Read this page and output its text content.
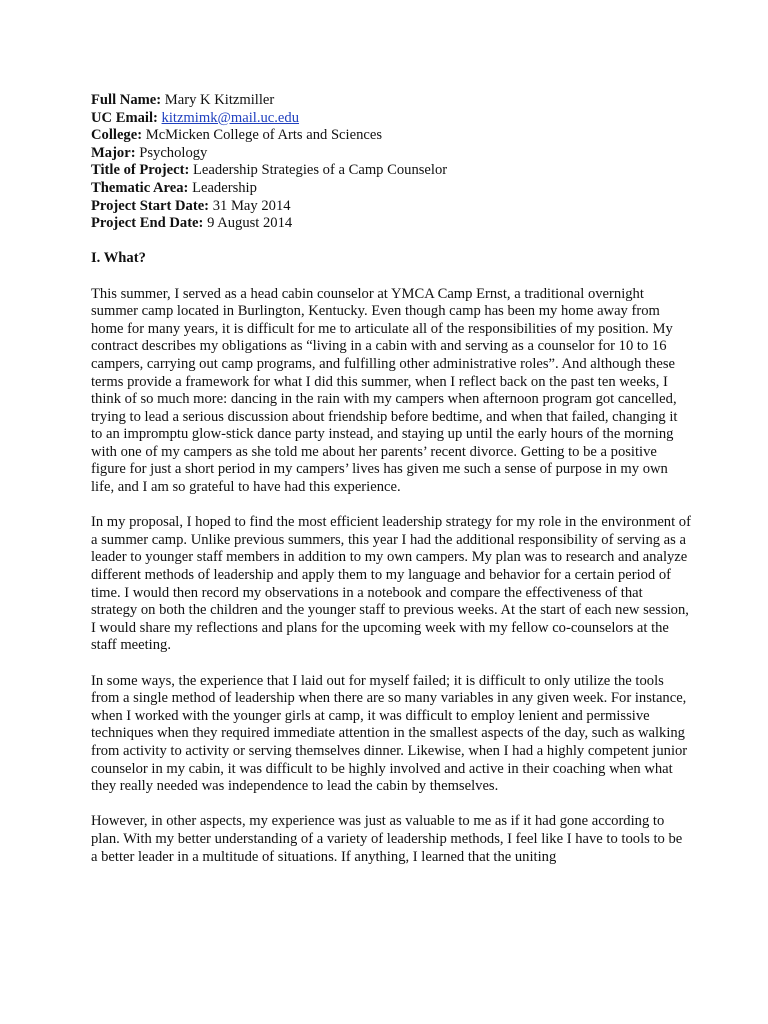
Full Name: Mary K Kitzmiller
UC Email: kitzmimk@mail.uc.edu
College: McMicken College of Arts and Sciences
Major: Psychology
Title of Project: Leadership Strategies of a Camp Counselor
Thematic Area: Leadership
Project Start Date: 31 May 2014
Project End Date: 9 August 2014
I. What?

This summer, I served as a head cabin counselor at YMCA Camp Ernst, a traditional overnight summer camp located in Burlington, Kentucky. Even though camp has been my home away from home for many years, it is difficult for me to articulate all of the responsibilities of my position. My contract describes my obligations as “living in a cabin with and serving as a counselor for 10 to 16 campers, carrying out camp programs, and fulfilling other administrative roles”. And although these terms provide a framework for what I did this summer, when I reflect back on the past ten weeks, I think of so much more: dancing in the rain with my campers when afternoon program got cancelled, trying to lead a serious discussion about friendship before bedtime, and when that failed, changing it to an impromptu glow-stick dance party instead, and staying up until the early hours of the morning with one of my campers as she told me about her parents’ recent divorce. Getting to be a positive figure for just a short period in my campers’ lives has given me such a sense of purpose in my own life, and I am so grateful to have had this experience.

In my proposal, I hoped to find the most efficient leadership strategy for my role in the environment of a summer camp. Unlike previous summers, this year I had the additional responsibility of serving as a leader to younger staff members in addition to my own campers. My plan was to research and analyze different methods of leadership and apply them to my language and behavior for a certain period of time. I would then record my observations in a notebook and compare the effectiveness of that strategy on both the children and the younger staff to previous weeks. At the start of each new session, I would share my reflections and plans for the upcoming week with my fellow co-counselors at the staff meeting.

In some ways, the experience that I laid out for myself failed; it is difficult to only utilize the tools from a single method of leadership when there are so many variables in any given week. For instance, when I worked with the younger girls at camp, it was difficult to employ lenient and permissive techniques when they required immediate attention in the smallest aspects of the day, such as walking from activity to activity or serving themselves dinner. Likewise, when I had a highly competent junior counselor in my cabin, it was difficult to be highly involved and active in their coaching when what they really needed was independence to lead the cabin by themselves.

However, in other aspects, my experience was just as valuable to me as if it had gone according to plan. With my better understanding of a variety of leadership methods, I feel like I have to tools to be a better leader in a multitude of situations. If anything, I learned that the uniting
